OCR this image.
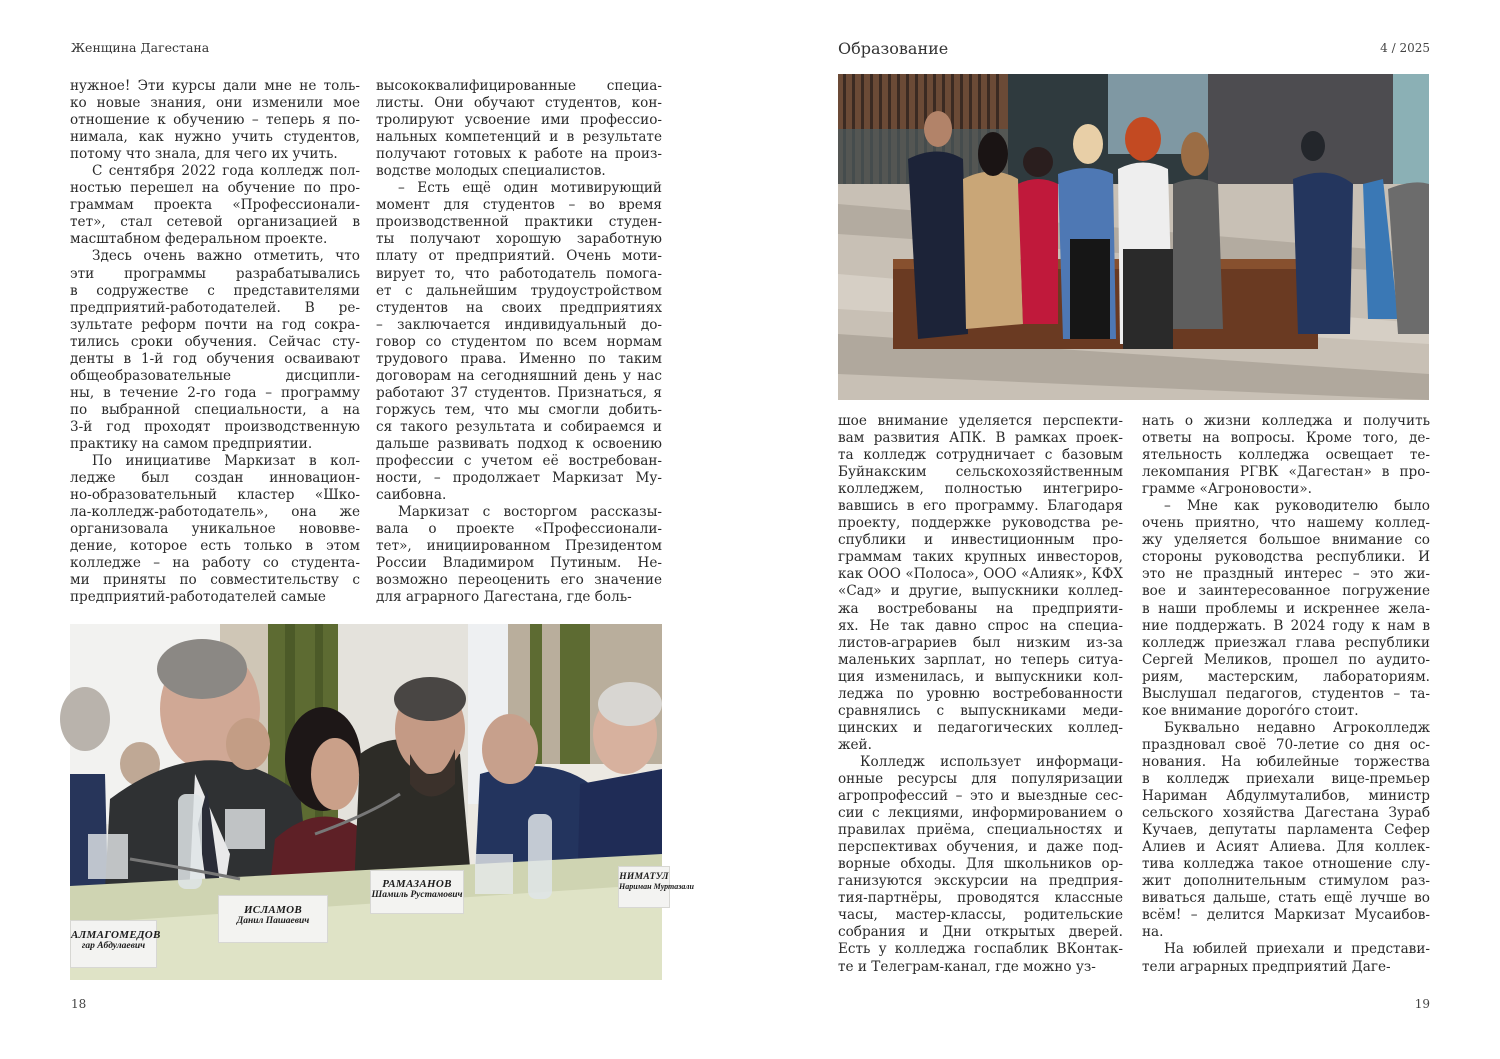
Женщина Дагестана
нужное! Эти курсы дали мне не толь-
ко новые знания, они изменили мое
отношение к обучению – теперь я по-
нимала, как нужно учить студентов,
потому что знала, для чего их учить.
С сентября 2022 года колледж пол-
ностью перешел на обучение по про-
граммам проекта «Профессионали-
тет», стал сетевой организацией в
масштабном федеральном проекте.
Здесь очень важно отметить, что
эти программы разрабатывались
в содружестве с представителями
предприятий-работодателей. В ре-
зультате реформ почти на год сокра-
тились сроки обучения. Сейчас сту-
денты в 1-й год обучения осваивают
общеобразовательные дисципли-
ны, в течение 2-го года – программу
по выбранной специальности, а на
3-й год проходят производственную
практику на самом предприятии.
По инициативе Маркизат в кол-
ледже был создан инновацион-
но-образовательный кластер «Шко-
ла-колледж-работодатель», она же
организовала уникальное нововве-
дение, которое есть только в этом
колледже – на работу со студента-
ми приняты по совместительству с
предприятий-работодателей самые
высококвалифицированные специа-
листы. Они обучают студентов, кон-
тролируют усвоение ими профессио-
нальных компетенций и в результате
получают готовых к работе на произ-
водстве молодых специалистов.
– Есть ещё один мотивирующий
момент для студентов – во время
производственной практики студен-
ты получают хорошую заработную
плату от предприятий. Очень моти-
вирует то, что работодатель помога-
ет с дальнейшим трудоустройством
студентов на своих предприятиях
– заключается индивидуальный до-
говор со студентом по всем нормам
трудового права. Именно по таким
договорам на сегодняшний день у нас
работают 37 студентов. Признаться, я
горжусь тем, что мы смогли добить-
ся такого результата и собираемся и
дальше развивать подход к освоению
профессии с учетом её востребован-
ности, – продолжает Маркизат Му-
саибовна.
Маркизат с восторгом рассказы-
вала о проекте «Профессионали-
тет», инициированном Президентом
России Владимиром Путиным. Не-
возможно переоценить его значение
для аграрного Дагестана, где боль-
АЛМАГОМЕДОВ
гар Абдулаевич
ИСЛАМОВ
Данил Пашаевич
РАМАЗАНОВ
Шамиль Рустамович
НИМАТУЛ
Нариман Муртазали
18
Образование	4 / 2025
шое внимание уделяется перспекти-
вам развития АПК. В рамках проек-
та колледж сотрудничает с базовым
Буйнакским сельскохозяйственным
колледжем, полностью интегриро-
вавшись в его программу. Благодаря
проекту, поддержке руководства ре-
спублики и инвестиционным про-
граммам таких крупных инвесторов,
как ООО «Полоса», ООО «Алияк», КФХ
«Сад» и другие, выпускники коллед-
жа востребованы на предприяти-
ях. Не так давно спрос на специа-
листов-аграриев был низким из-за
маленьких зарплат, но теперь ситуа-
ция изменилась, и выпускники кол-
леджа по уровню востребованности
сравнялись с выпускниками меди-
цинских и педагогических коллед-
жей.
Колледж использует информаци-
онные ресурсы для популяризации
агропрофессий – это и выездные сес-
сии с лекциями, информированием о
правилах приёма, специальностях и
перспективах обучения, и даже под-
ворные обходы. Для школьников ор-
ганизуются экскурсии на предприя-
тия-партнёры, проводятся классные
часы, мастер-классы, родительские
собрания и Дни открытых дверей.
Есть у колледжа госпаблик ВКонтак-
те и Телеграм-канал, где можно уз-
нать о жизни колледжа и получить
ответы на вопросы. Кроме того, де-
ятельность колледжа освещает те-
лекомпания РГВК «Дагестан» в про-
грамме «Агроновости».
– Мне как руководителю было
очень приятно, что нашему коллед-
жу уделяется большое внимание со
стороны руководства республики. И
это не праздный интерес – это жи-
вое и заинтересованное погружение
в наши проблемы и искреннее жела-
ние поддержать. В 2024 году к нам в
колледж приезжал глава республики
Сергей Меликов, прошел по аудито-
риям, мастерским, лабораториям.
Выслушал педагогов, студентов – та-
кое внимание дорого́го стоит.
Буквально недавно Агроколледж
праздновал своё 70-летие со дня ос-
нования. На юбилейные торжества
в колледж приехали вице-премьер
Нариман Абдулмуталибов, министр
сельского хозяйства Дагестана Зураб
Кучаев, депутаты парламента Сефер
Алиев и Асият Алиева. Для коллек-
тива колледжа такое отношение слу-
жит дополнительным стимулом раз-
виваться дальше, стать ещё лучше во
всём! – делится Маркизат Мусаибов-
на.
На юбилей приехали и представи-
тели аграрных предприятий Даге-
19
